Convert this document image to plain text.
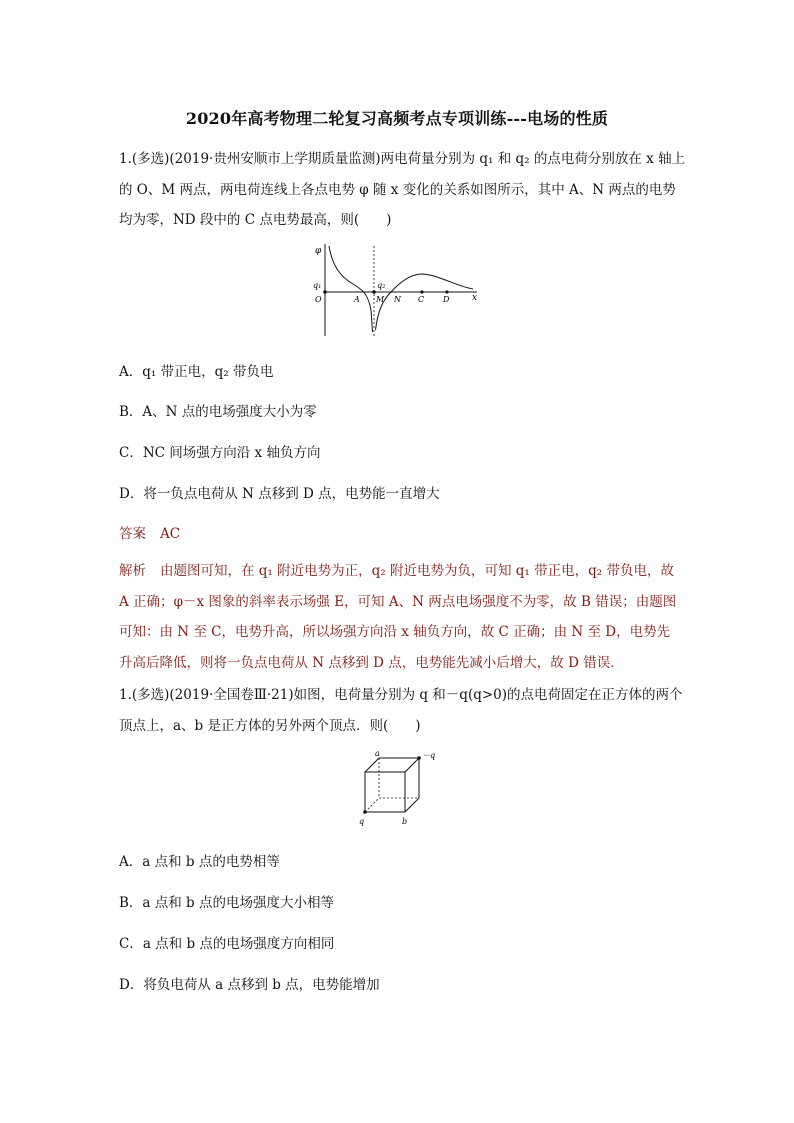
2020年高考物理二轮复习高频考点专项训练---电场的性质
1.(多选)(2019·贵州安顺市上学期质量监测)两电荷量分别为 q₁ 和 q₂ 的点电荷分别放在 x 轴上
的 O、M 两点，两电荷连线上各点电势 φ 随 x 变化的关系如图所示，其中 A、N 两点的电势
均为零，ND 段中的 C 点电势最高，则(　　)
φ
x
q₁	q₂
O	A M N C D
A．q₁ 带正电，q₂ 带负电
B．A、N 点的电场强度大小为零
C．NC 间场强方向沿 x 轴负方向
D．将一负点电荷从 N 点移到 D 点，电势能一直增大
答案 AC
解析 由题图可知，在 q₁ 附近电势为正，q₂ 附近电势为负，可知 q₁ 带正电，q₂ 带负电，故
A 正确；φ－x 图象的斜率表示场强 E，可知 A、N 两点电场强度不为零，故 B 错误；由题图
可知：由 N 至 C，电势升高，所以场强方向沿 x 轴负方向，故 C 正确；由 N 至 D，电势先
升高后降低，则将一负点电荷从 N 点移到 D 点，电势能先减小后增大，故 D 错误．
1.(多选)(2019·全国卷Ⅲ·21)如图，电荷量分别为 q 和－q(q>0)的点电荷固定在正方体的两个
顶点上，a、b 是正方体的另外两个顶点．则(　　)
a	－q
q	b
A．a 点和 b 点的电势相等
B．a 点和 b 点的电场强度大小相等
C．a 点和 b 点的电场强度方向相同
D．将负电荷从 a 点移到 b 点，电势能增加
